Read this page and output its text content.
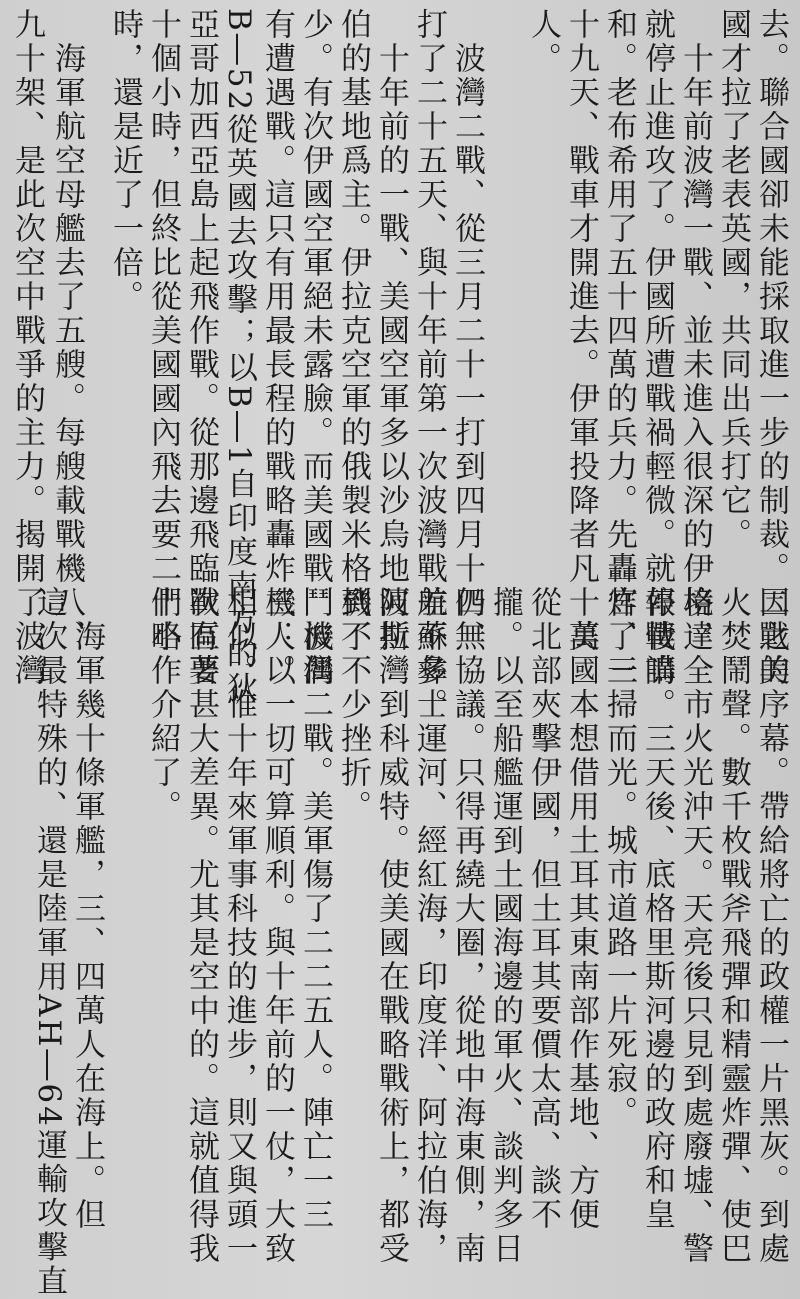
去。聯合國卻未能採取進一步的制裁。因之美
國才拉了老表英國，共同出兵打它。
　十年前波灣一戰、並未進入很深的伊境，
就停止進攻了。伊國所遭戰禍輕微。就停戰講
和。老布希用了五十四萬的兵力。先轟炸了三
十九天、戰車才開進去。伊軍投降者凡十萬
人。
　波灣二戰、從三月二十一打到四月十四、
打了二十五天、與十年前第一次波灣戰差不多。
　十年前的一戰、美國空軍多以沙烏地阿拉
伯的基地爲主。伊拉克空軍的俄製米格機不
少。有次伊國空軍絕未露臉。而美國戰鬥機偶
有遭遇戰。這只有用最長程的戰略轟炸機：以
B―52從英國去攻擊；以B―1自印度南方的狄
亞哥加西亞島上起飛作戰。從那邊飛臨戰區要
十個小時，但終比從美國國內飛去要二十小
時，還是近了一倍。
　海軍航空母艦去了五艘。每艘載戰機八、
九十架、是此次空中戰爭的主力。揭開了波灣
二戰的序幕。帶給將亡的政權一片黑灰。到處
火焚鬧聲。數千枚戰斧飛彈和精靈炸彈、使巴
格達全市火光沖天。天亮後只見到處廢墟、警
報悽鳴。三天後、底格里斯河邊的政府和皇
宮、一掃而光。城市道路一片死寂。
　美國本想借用土耳其東南部作基地、方便
從北部夾擊伊國，但土耳其要價太高、談不
攏。以至船艦運到土國海邊的軍火、談判多日
仍無協議。只得再繞大圈，從地中海東側，南
航蘇彝士運河、經紅海，印度洋、阿拉伯海，
波斯灣到科威特。使美國在戰略戰術上，都受
到了不少挫折。
　波灣二戰。美軍傷了二二五人。陣亡一三
三人。一切可算順利。與十年前的一仗，大致
相似。惟十年來軍事科技的進步，則又與頭一
次有著甚大差異。尤其是空中的。這就值得我
們略作介紹了。
　海軍幾十條軍艦，三、四萬人在海上。但
這次最特殊的、還是陸軍用AH―64運輸攻擊直
